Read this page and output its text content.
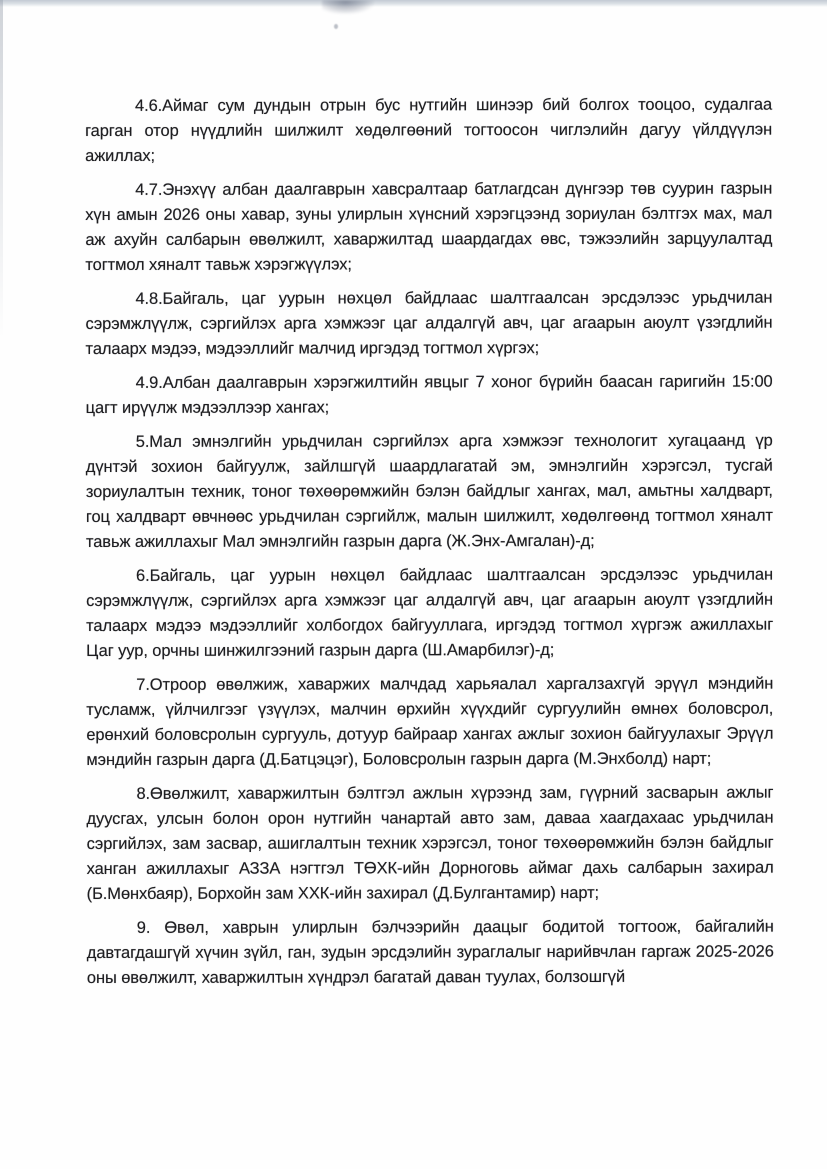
4.6.Аймаг сум дундын отрын бус нутгийн шинээр бий болгох тооцоо, судалгаа гарган отор нүүдлийн шилжилт хөдөлгөөний тогтоосон чиглэлийн дагуу үйлдүүлэн ажиллах;

4.7.Энэхүү албан даалгаврын хавсралтаар батлагдсан дүнгээр төв суурин газрын хүн амын 2026 оны хавар, зуны улирлын хүнсний хэрэгцээнд зориулан бэлтгэх мах, мал аж ахуйн салбарын өвөлжилт, хаваржилтад шаардагдах өвс, тэжээлийн зарцуулалтад тогтмол хяналт тавьж хэрэгжүүлэх;

4.8.Байгаль, цаг уурын нөхцөл байдлаас шалтгаалсан эрсдэлээс урьдчилан сэрэмжлүүлж, сэргийлэх арга хэмжээг цаг алдалгүй авч, цаг агаарын аюулт үзэгдлийн талаарх мэдээ, мэдээллийг малчид иргэдэд тогтмол хүргэх;

4.9.Албан даалгаврын хэрэгжилтийн явцыг 7 хоног бүрийн баасан гаригийн 15:00 цагт ирүүлж мэдээллээр хангах;

5.Мал эмнэлгийн урьдчилан сэргийлэх арга хэмжээг технологит хугацаанд үр дүнтэй зохион байгуулж, зайлшгүй шаардлагатай эм, эмнэлгийн хэрэгсэл, тусгай зориулалтын техник, тоног төхөөрөмжийн бэлэн байдлыг хангах, мал, амьтны халдварт, гоц халдварт өвчнөөс урьдчилан сэргийлж, малын шилжилт, хөдөлгөөнд тогтмол хяналт тавьж ажиллахыг Мал эмнэлгийн газрын дарга (Ж.Энх-Амгалан)-д;

6.Байгаль, цаг уурын нөхцөл байдлаас шалтгаалсан эрсдэлээс урьдчилан сэрэмжлүүлж, сэргийлэх арга хэмжээг цаг алдалгүй авч, цаг агаарын аюулт үзэгдлийн талаарх мэдээ мэдээллийг холбогдох байгууллага, иргэдэд тогтмол хүргэж ажиллахыг Цаг уур, орчны шинжилгээний газрын дарга (Ш.Амарбилэг)-д;

7.Отроор өвөлжиж, хаваржих малчдад харьяалал харгалзахгүй эрүүл мэндийн тусламж, үйлчилгээг үзүүлэх, малчин өрхийн хүүхдийг сургуулийн өмнөх боловсрол, ерөнхий боловсролын сургууль, дотуур байраар хангах ажлыг зохион байгуулахыг Эрүүл мэндийн газрын дарга (Д.Батцэцэг), Боловсролын газрын дарга (М.Энхболд) нарт;

8.Өвөлжилт, хаваржилтын бэлтгэл ажлын хүрээнд зам, гүүрний засварын ажлыг дуусгах, улсын болон орон нутгийн чанартай авто зам, даваа хаагдахаас урьдчилан сэргийлэх, зам засвар, ашиглалтын техник хэрэгсэл, тоног төхөөрөмжийн бэлэн байдлыг ханган ажиллахыг АЗЗА нэгтгэл ТӨХК-ийн Дорноговь аймаг дахь салбарын захирал (Б.Мөнхбаяр), Борхойн зам ХХК-ийн захирал (Д.Булгантамир) нарт;

9. Өвөл, хаврын улирлын бэлчээрийн даацыг бодитой тогтоож, байгалийн давтагдашгүй хүчин зүйл, ган, зудын эрсдэлийн зураглалыг нарийвчлан гаргаж 2025-2026 оны өвөлжилт, хаваржилтын хүндрэл багатай даван туулах, болзошгүй
